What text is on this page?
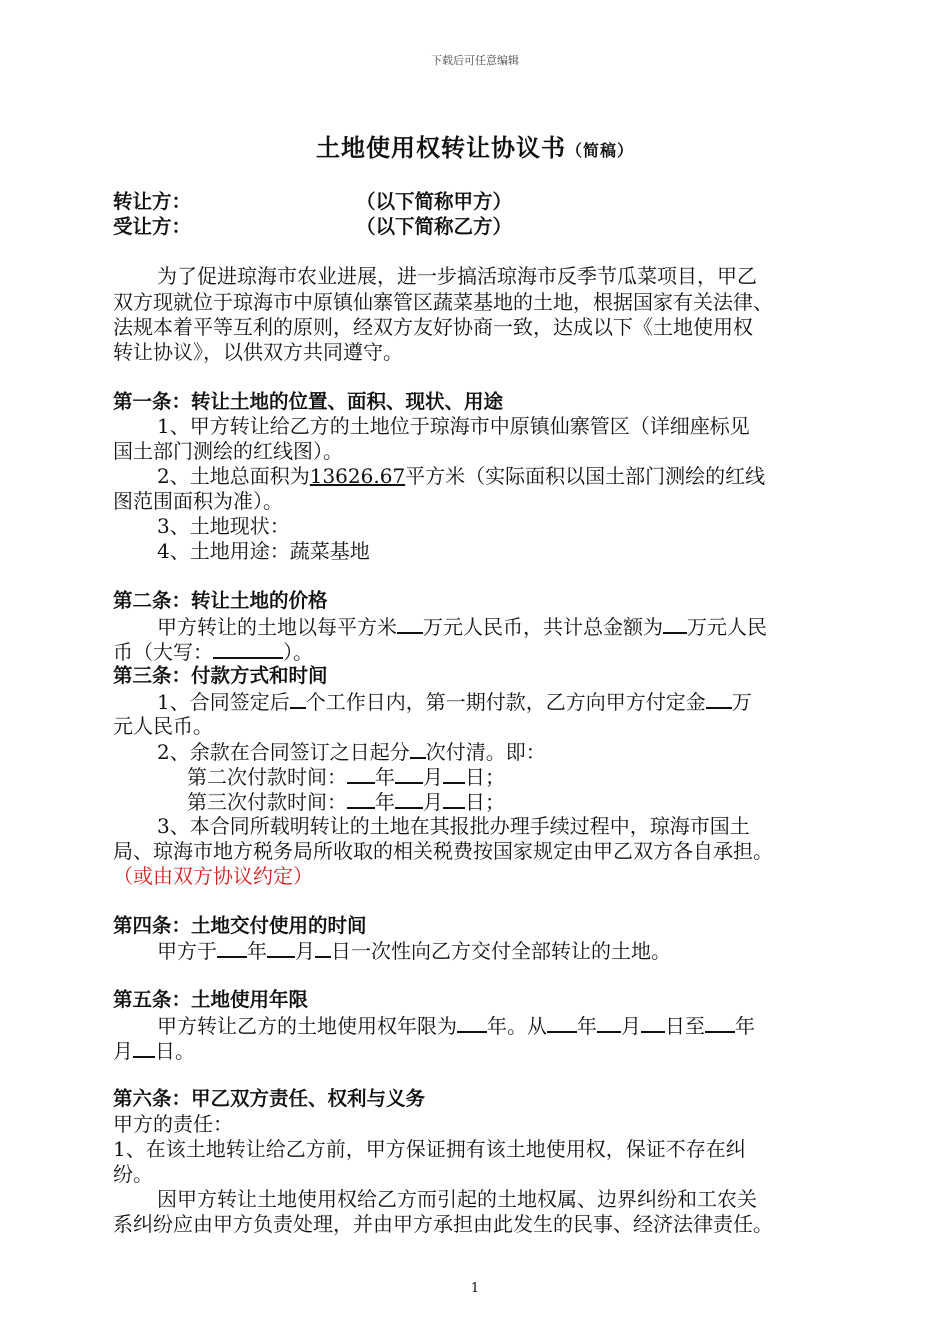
下载后可任意编辑
土地使用权转让协议书（简稿）
转让方：	（以下简称甲方）
受让方：	（以下简称乙方）
为了促进琼海市农业进展，进一步搞活琼海市反季节瓜菜项目，甲乙
双方现就位于琼海市中原镇仙寨管区蔬菜基地的土地，根据国家有关法律、
法规本着平等互利的原则，经双方友好协商一致，达成以下《土地使用权
转让协议》，以供双方共同遵守。
第一条：转让土地的位置、面积、现状、用途
1、甲方转让给乙方的土地位于琼海市中原镇仙寨管区（详细座标见
国土部门测绘的红线图）。
2、土地总面积为13626.67平方米（实际面积以国土部门测绘的红线
图范围面积为准）。
3、土地现状：
4、土地用途：蔬菜基地
第二条：转让土地的价格
甲方转让的土地以每平方米 万元人民币，共计总金额为 万元人民
币（大写：	）。
第三条：付款方式和时间
1、合同签定后 个工作日内，第一期付款，乙方向甲方付定金 万
元人民币。
2、余款在合同签订之日起分 次付清。即：
第二次付款时间： 年 月 日；
第三次付款时间： 年 月 日；
3、本合同所载明转让的土地在其报批办理手续过程中，琼海市国土
局、琼海市地方税务局所收取的相关税费按国家规定由甲乙双方各自承担。
（或由双方协议约定）
第四条：土地交付使用的时间
甲方于 年 月 日一次性向乙方交付全部转让的土地。
第五条：土地使用年限
甲方转让乙方的土地使用权年限为 年。从 年 月 日至 年
月 日。
第六条：甲乙双方责任、权利与义务
甲方的责任：
1、在该土地转让给乙方前，甲方保证拥有该土地使用权，保证不存在纠
纷。
因甲方转让土地使用权给乙方而引起的土地权属、边界纠纷和工农关
系纠纷应由甲方负责处理，并由甲方承担由此发生的民事、经济法律责任。
1
